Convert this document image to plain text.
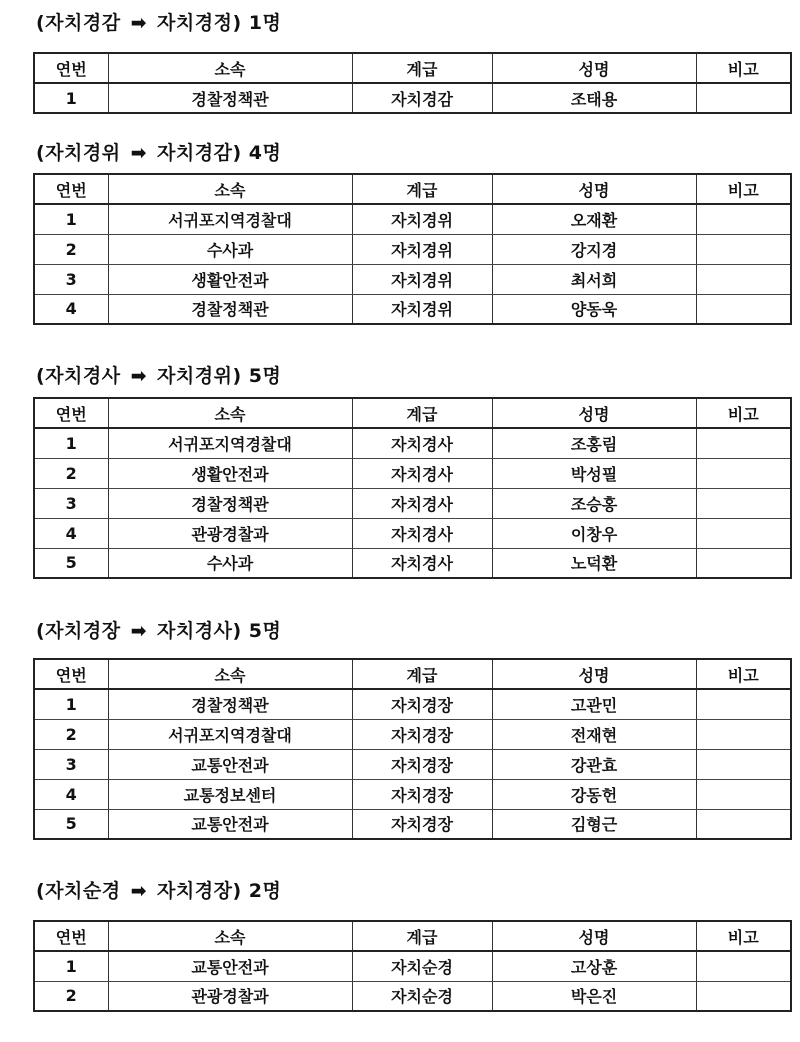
(자치경감 ➡ 자치경정) 1명
연번	소속	계급	성명	비고
1	경찰정책관	자치경감	조태용	
(자치경위 ➡ 자치경감) 4명
연번	소속	계급	성명	비고
1	서귀포지역경찰대	자치경위	오재환	
2	수사과	자치경위	강지경	
3	생활안전과	자치경위	최서희	
4	경찰정책관	자치경위	양동욱	
(자치경사 ➡ 자치경위) 5명
연번	소속	계급	성명	비고
1	서귀포지역경찰대	자치경사	조홍림	
2	생활안전과	자치경사	박성필	
3	경찰정책관	자치경사	조승홍	
4	관광경찰과	자치경사	이창우	
5	수사과	자치경사	노덕환	
(자치경장 ➡ 자치경사) 5명
연번	소속	계급	성명	비고
1	경찰정책관	자치경장	고관민	
2	서귀포지역경찰대	자치경장	전재현	
3	교통안전과	자치경장	강관효	
4	교통정보센터	자치경장	강동헌	
5	교통안전과	자치경장	김형근	
(자치순경 ➡ 자치경장) 2명
연번	소속	계급	성명	비고
1	교통안전과	자치순경	고상훈	
2	관광경찰과	자치순경	박은진	
